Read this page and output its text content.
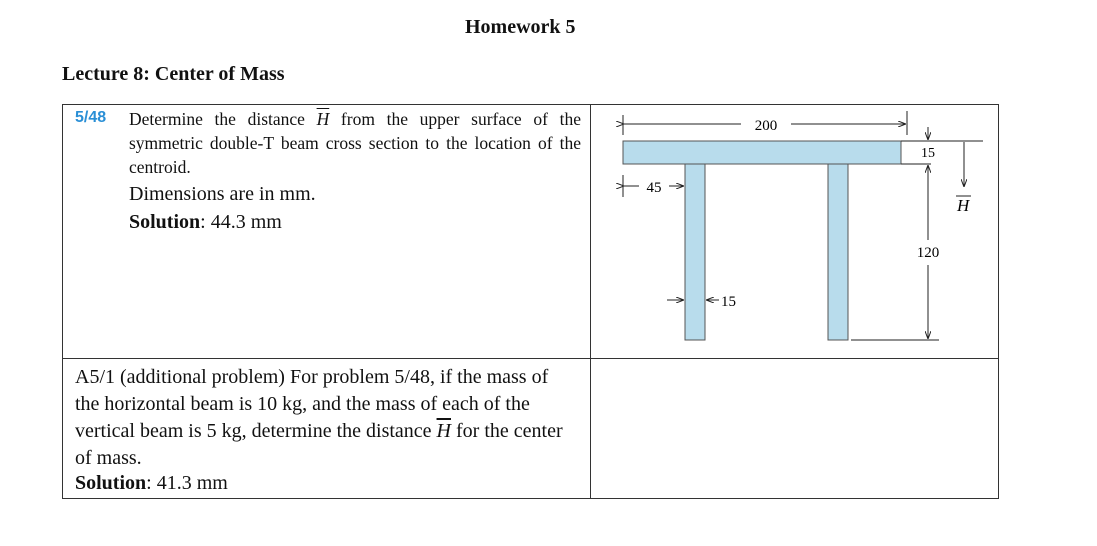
Homework 5
Lecture 8: Center of Mass
5/48 Determine the distance $\overline{H}$ from the upper surface of the symmetric double-T beam cross section to the location of the centroid.
Dimensions are in mm.
Solution: 44.3 mm
200
45
15
15
120
H
A5/1 (additional problem) For problem 5/48, if the mass of the horizontal beam is 10 kg, and the mass of each of the vertical beam is 5 kg, determine the distance $\overline{H}$ for the center of mass.
Solution: 41.3 mm
